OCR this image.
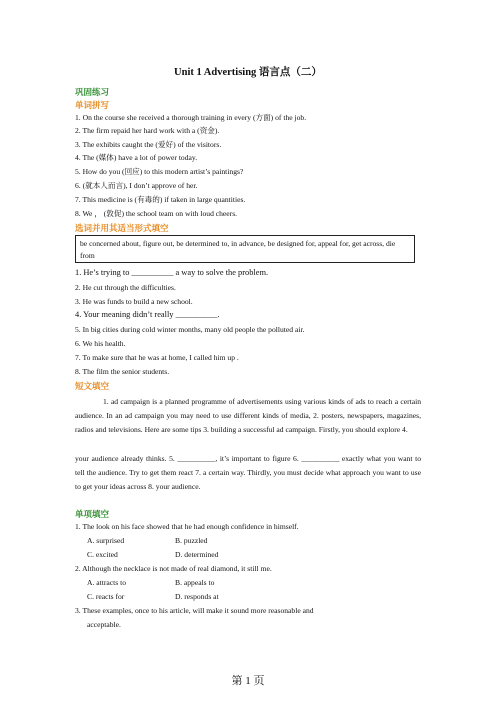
Unit 1 Advertising 语言点（二）
巩固练习
单词拼写
1. On the course she received a thorough training in every (方面) of the job.
2. The firm repaid her hard work with a (资金).
3. The exhibits caught the (爱好) of the visitors.
4. The (媒体) have a lot of power today.
5. How do you (回应) to this modern artist’s paintings?
6. (就本人而言), I don’t approve of her.
7. This medicine is (有毒的) if taken in large quantities.
8. We ， (敦促) the school team on with loud cheers.
选词并用其适当形式填空
be concerned about, figure out, be determined to, in advance, be designed for, appeal for, get across, die from
1. He’s trying to __________ a way to solve the problem.
2. He cut through the difficulties.
3. He was funds to build a new school.
4. Your meaning didn’t really __________.
5. In big cities during cold winter months, many old people the polluted air.
6. We his health.
7. To make sure that he was at home, I called him up .
8. The film the senior students.
短文填空
1. ad campaign is a planned programme of advertisements using various kinds of ads to reach a certain audience. In an ad campaign you may need to use different kinds of media, 2. posters, newspapers, magazines, radios and televisions. Here are some tips 3. building a successful ad campaign. Firstly, you should explore 4.
your audience already thinks. 5. __________, it’s important to figure 6. __________ exactly what you want to tell the audience. Try to get them react 7. a certain way. Thirdly, you must decide what approach you want to use to get your ideas across 8. your audience.
单项填空
1. The look on his face showed that he had enough confidence in himself.
A. surprised	B. puzzled
C. excited	D. determined
2. Although the necklace is not made of real diamond, it still me.
A. attracts to	B. appeals to
C. reacts for	D. responds at
3. These examples, once to his article, will make it sound more reasonable and
acceptable.
第 1 页
